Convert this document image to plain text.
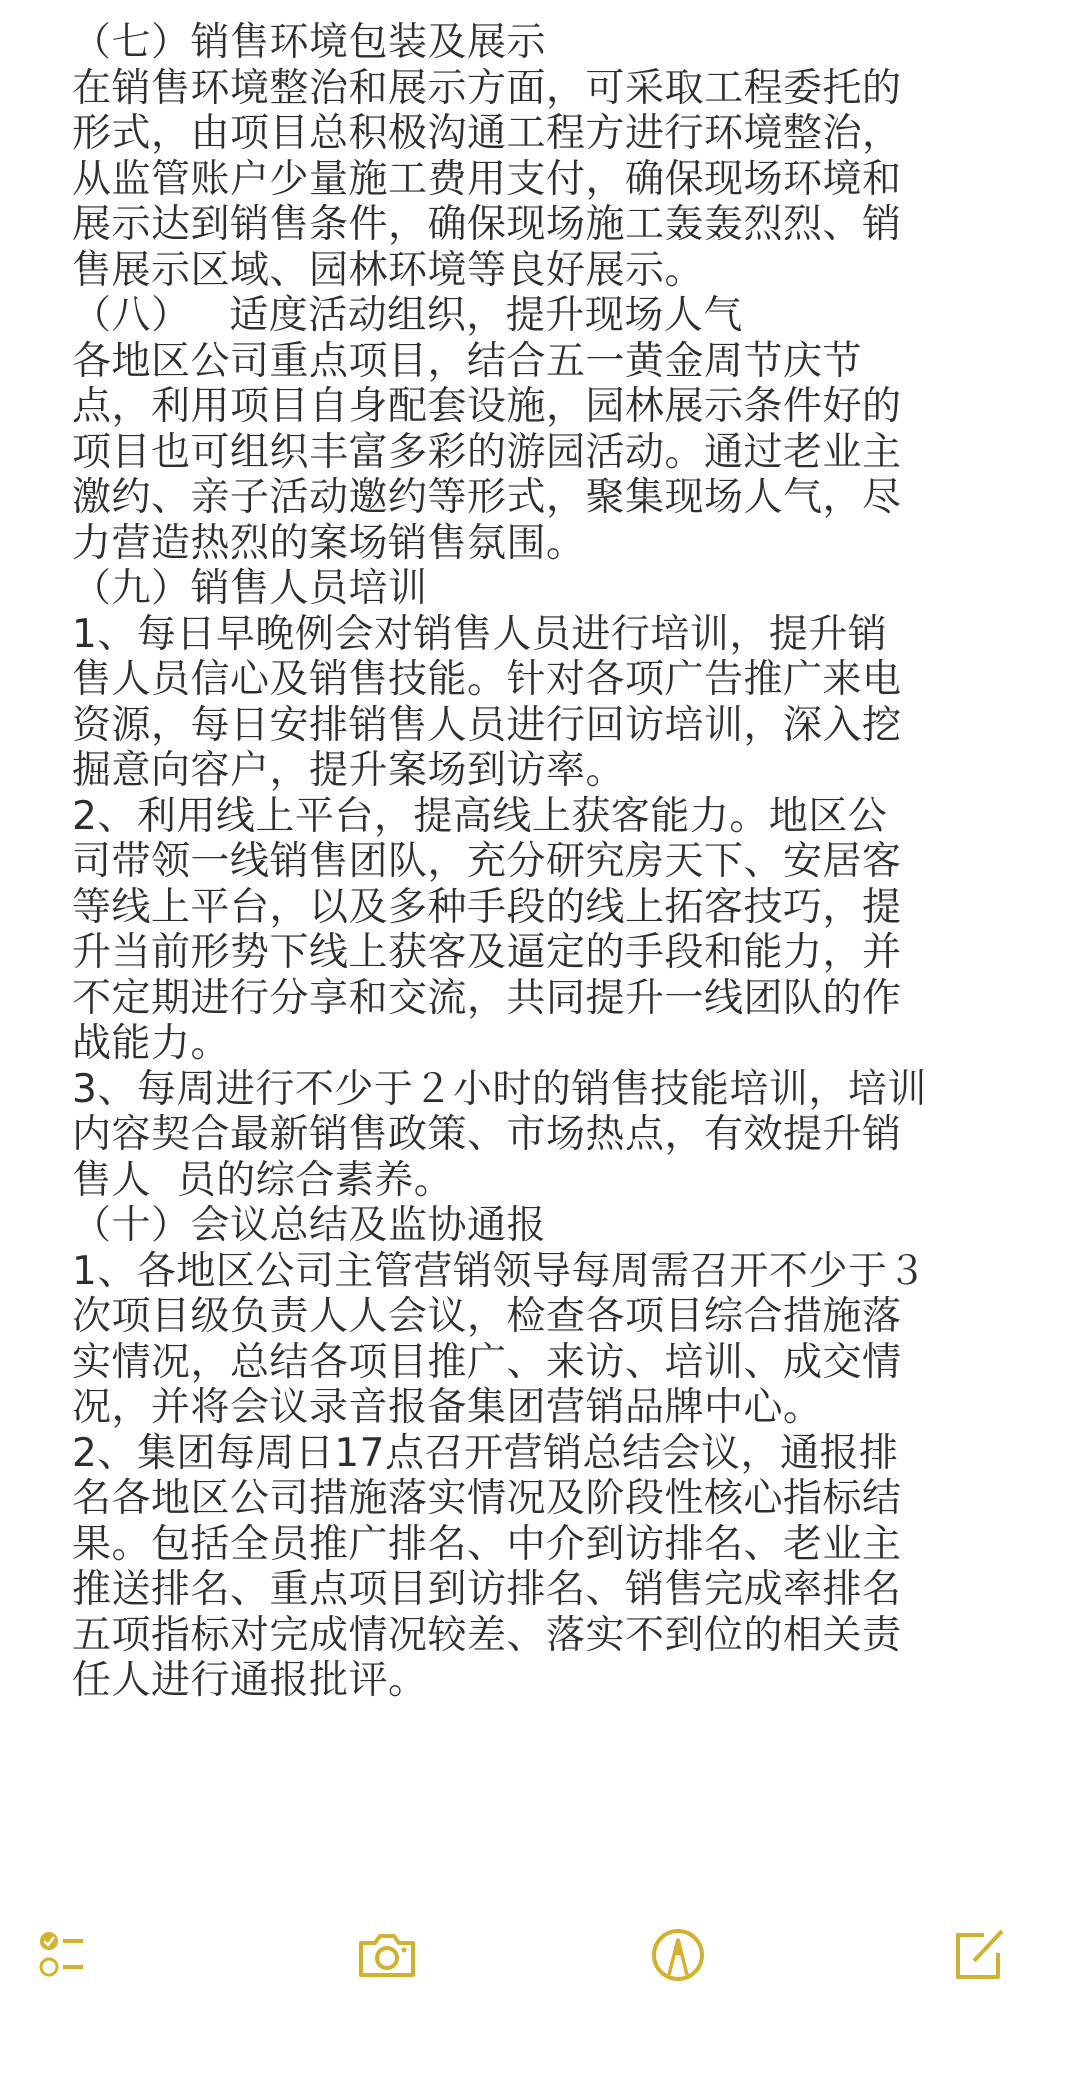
（七）销售环境包装及展示
在销售环境整治和展示方面，可采取工程委托的
形式，由项目总积极沟通工程方进行环境整治，
从监管账户少量施工费用支付，确保现场环境和
展示达到销售条件，确保现场施工轰轰烈烈、销
售展示区域、园林环境等良好展示。
（八）   适度活动组织，提升现场人气
各地区公司重点项目，结合五一黄金周节庆节
点，利用项目自身配套设施，园林展示条件好的
项目也可组织丰富多彩的游园活动。通过老业主
激约、亲子活动邀约等形式，聚集现场人气，尽
力营造热烈的案场销售氛围。
（九）销售人员培训
1、每日早晚例会对销售人员进行培训，提升销
售人员信心及销售技能。针对各项广告推广来电
资源，每日安排销售人员进行回访培训，深入挖
掘意向容户，提升案场到访率。
2、利用线上平台，提高线上获客能力。地区公
司带领一线销售团队，充分研究房天下、安居客
等线上平台，以及多种手段的线上拓客技巧，提
升当前形势下线上获客及逼定的手段和能力，并
不定期进行分享和交流，共同提升一线团队的作
战能力。
3、每周进行不少于２小时的销售技能培训，培训
内容契合最新销售政策、市场热点，有效提升销
售人  员的综合素养。
（十）会议总结及监协通报
1、各地区公司主管营销领导每周需召开不少于３
次项目级负责人人会议，检查各项目综合措施落
实情况，总结各项目推广、来访、培训、成交情
况，并将会议录音报备集团营销品牌中心。
2、集团每周日17点召开营销总结会议，通报排
名各地区公司措施落实情况及阶段性核心指标结
果。包括全员推广排名、中介到访排名、老业主
推送排名、重点项目到访排名、销售完成率排名
五项指标对完成情况较差、落实不到位的相关责
任人进行通报批评。
